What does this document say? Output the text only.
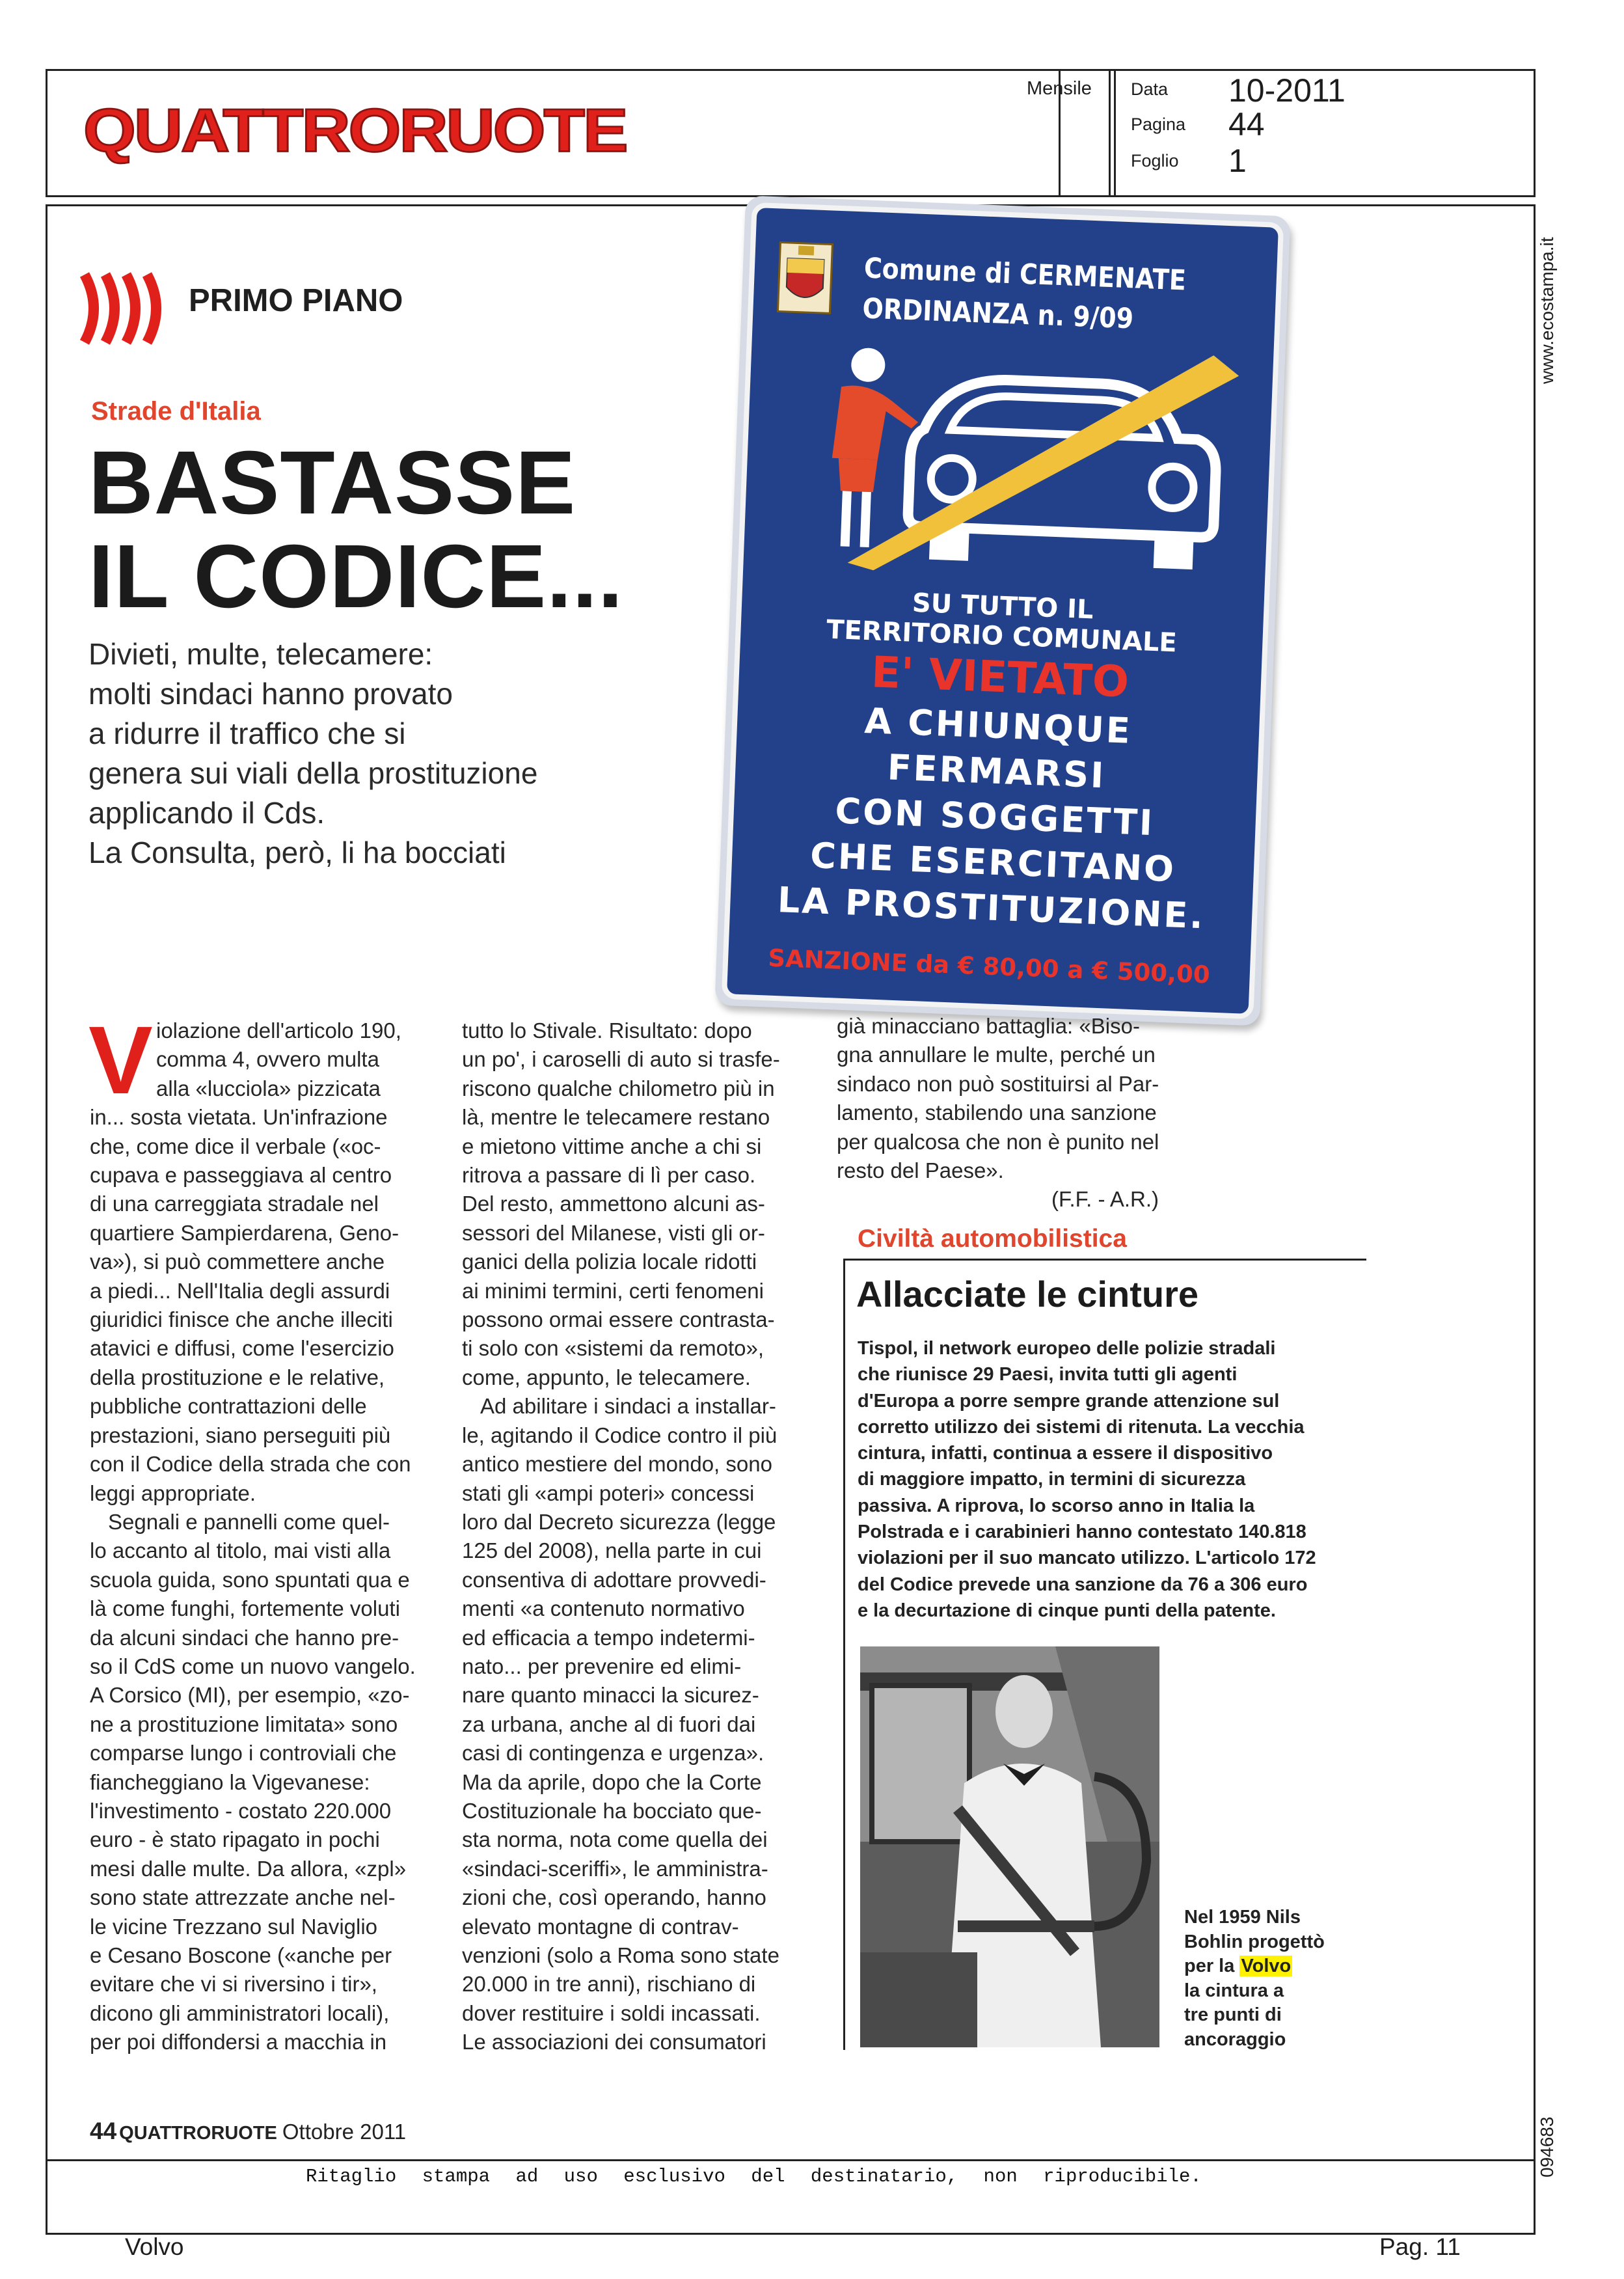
QUATTRORUOTE
Mensile Data 10-2011
Pagina 44
Foglio 1
www.ecostampa.it
094683
PRIMO PIANO
Strade d'Italia
BASTASSE
IL CODICE...
Divieti, multe, telecamere:
molti sindaci hanno provato
a ridurre il traffico che si
genera sui viali della prostituzione
applicando il Cds.
La Consulta, però, li ha bocciati
Comune di CERMENATE
ORDINANZA n. 9/09
SU TUTTO IL
TERRITORIO COMUNALE
E' VIETATO
A CHIUNQUE
FERMARSI
CON SOGGETTI
CHE ESERCITANO
LA PROSTITUZIONE.
SANZIONE da € 80,00 a € 500,00
V iolazione dell'articolo 190,
comma 4, ovvero multa
alla «lucciola» pizzicata
in... sosta vietata. Un'infrazione
che, come dice il verbale («oc-
cupava e passeggiava al centro
di una carreggiata stradale nel
quartiere Sampierdarena, Geno-
va»), si può commettere anche
a piedi... Nell'Italia degli assurdi
giuridici finisce che anche illeciti
atavici e diffusi, come l'esercizio
della prostituzione e le relative,
pubbliche contrattazioni delle
prestazioni, siano perseguiti più
con il Codice della strada che con
leggi appropriate.
Segnali e pannelli come quel-
lo accanto al titolo, mai visti alla
scuola guida, sono spuntati qua e
là come funghi, fortemente voluti
da alcuni sindaci che hanno pre-
so il CdS come un nuovo vangelo.
A Corsico (MI), per esempio, «zo-
ne a prostituzione limitata» sono
comparse lungo i controviali che
fiancheggiano la Vigevanese:
l'investimento - costato 220.000
euro - è stato ripagato in pochi
mesi dalle multe. Da allora, «zpl»
sono state attrezzate anche nel-
le vicine Trezzano sul Naviglio
e Cesano Boscone («anche per
evitare che vi si riversino i tir»,
dicono gli amministratori locali),
per poi diffondersi a macchia in
tutto lo Stivale. Risultato: dopo
un po', i caroselli di auto si trasfe-
riscono qualche chilometro più in
là, mentre le telecamere restano
e mietono vittime anche a chi si
ritrova a passare di lì per caso.
Del resto, ammettono alcuni as-
sessori del Milanese, visti gli or-
ganici della polizia locale ridotti
ai minimi termini, certi fenomeni
possono ormai essere contrasta-
ti solo con «sistemi da remoto»,
come, appunto, le telecamere.
Ad abilitare i sindaci a installar-
le, agitando il Codice contro il più
antico mestiere del mondo, sono
stati gli «ampi poteri» concessi
loro dal Decreto sicurezza (legge
125 del 2008), nella parte in cui
consentiva di adottare provvedi-
menti «a contenuto normativo
ed efficacia a tempo indetermi-
nato... per prevenire ed elimi-
nare quanto minacci la sicurez-
za urbana, anche al di fuori dai
casi di contingenza e urgenza».
Ma da aprile, dopo che la Corte
Costituzionale ha bocciato que-
sta norma, nota come quella dei
«sindaci-sceriffi», le amministra-
zioni che, così operando, hanno
elevato montagne di contrav-
venzioni (solo a Roma sono state
20.000 in tre anni), rischiano di
dover restituire i soldi incassati.
Le associazioni dei consumatori
già minacciano battaglia: «Biso-
gna annullare le multe, perché un
sindaco non può sostituirsi al Par-
lamento, stabilendo una sanzione
per qualcosa che non è punito nel
resto del Paese».
(F.F. - A.R.)
Civiltà automobilistica
Allacciate le cinture
Tispol, il network europeo delle polizie stradali
che riunisce 29 Paesi, invita tutti gli agenti
d'Europa a porre sempre grande attenzione sul
corretto utilizzo dei sistemi di ritenuta. La vecchia
cintura, infatti, continua a essere il dispositivo
di maggiore impatto, in termini di sicurezza
passiva. A riprova, lo scorso anno in Italia la
Polstrada e i carabinieri hanno contestato 140.818
violazioni per il suo mancato utilizzo. L'articolo 172
del Codice prevede una sanzione da 76 a 306 euro
e la decurtazione di cinque punti della patente.
Nel 1959 Nils
Bohlin progettò
per la Volvo
la cintura a
tre punti di
ancoraggio
44 QUATTRORUOTE Ottobre 2011
Ritaglio stampa ad uso esclusivo del destinatario, non riproducibile.
Volvo	Pag. 11
